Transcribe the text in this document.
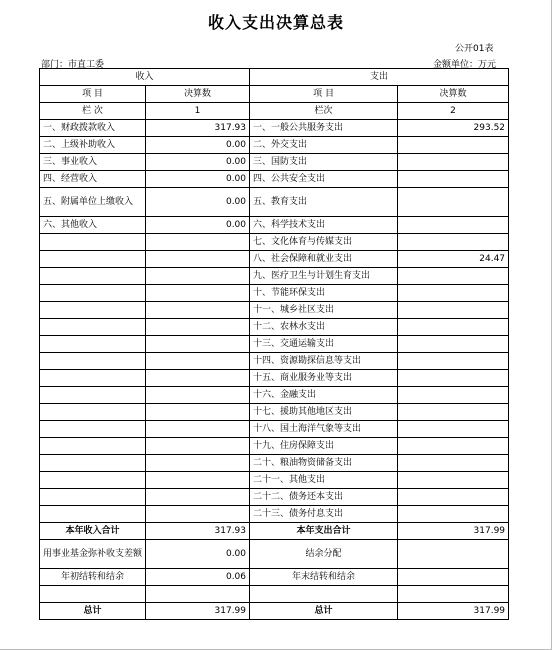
收入支出决算总表
公开01表
部门：市直工委	金额单位：万元
收入		支出	
项 目	决算数	项 目	决算数
栏 次	1	栏次	2
一、财政拨款收入	317.93	一、一般公共服务支出	293.52
二、上级补助收入	0.00	二、外交支出	
三、事业收入	0.00	三、国防支出	
四、经营收入	0.00	四、公共安全支出	
五、附属单位上缴收入	0.00	五、教育支出	
六、其他收入	0.00	六、科学技术支出	
		七、文化体育与传媒支出	
		八、社会保障和就业支出	24.47
		九、医疗卫生与计划生育支出	
		十、节能环保支出	
		十一、城乡社区支出	
		十二、农林水支出	
		十三、交通运输支出	
		十四、资源勘探信息等支出	
		十五、商业服务业等支出	
		十六、金融支出	
		十七、援助其他地区支出	
		十八、国土海洋气象等支出	
		十九、住房保障支出	
		二十、粮油物资储备支出	
		二十一、其他支出	
		二十二、债务还本支出	
		二十三、债务付息支出	
本年收入合计	317.93	本年支出合计	317.99
用事业基金弥补收支差额	0.00	结余分配	
年初结转和结余	0.06	年末结转和结余	

总计	317.99	总计	317.99
